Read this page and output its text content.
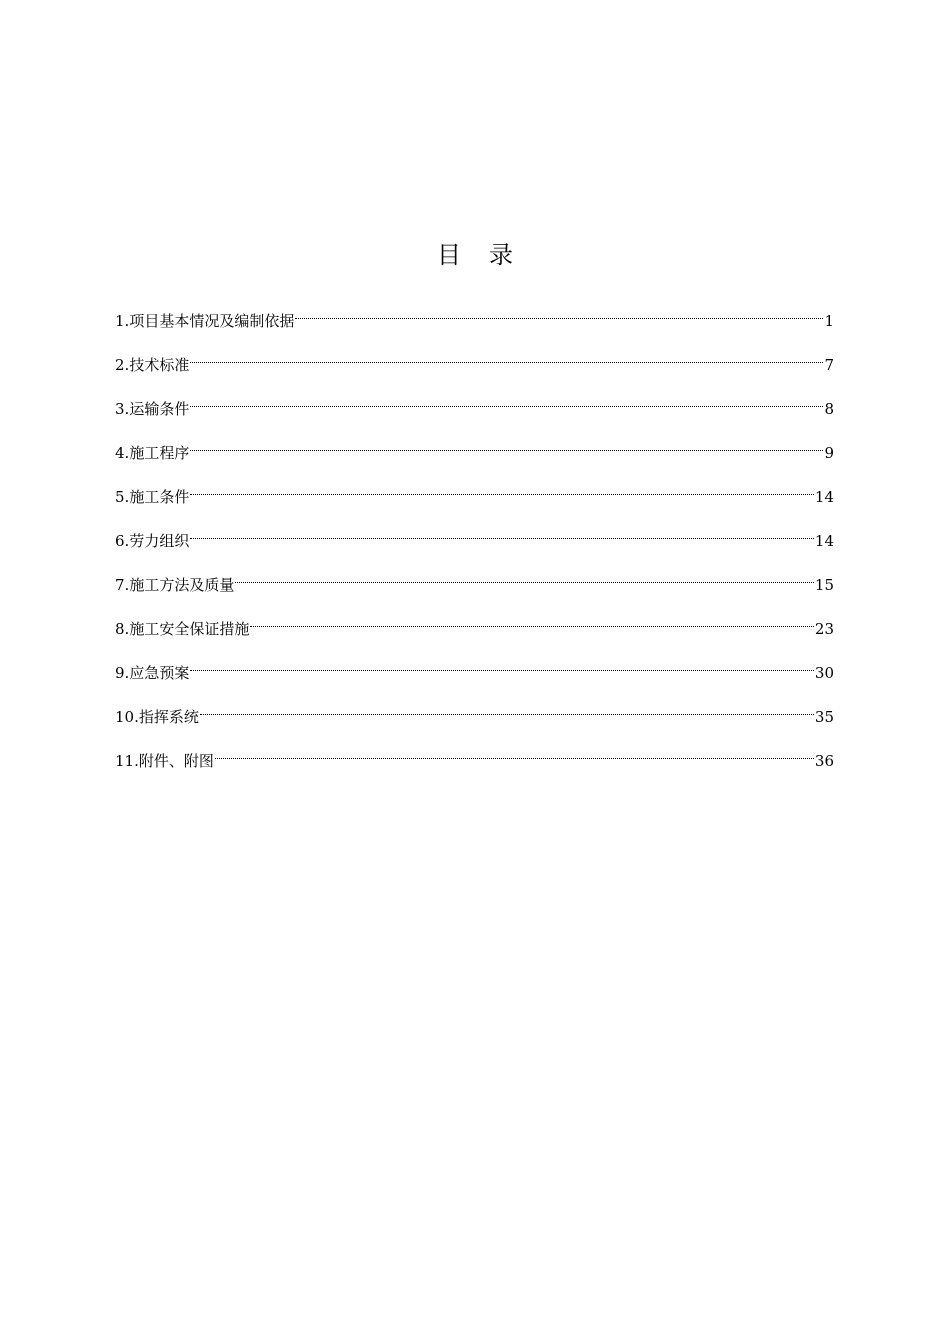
目 录
1. 项目基本情况及编制依据	1
2. 技术标准	7
3. 运输条件	8
4. 施工程序	9
5. 施工条件	14
6. 劳力组织	14
7. 施工方法及质量	15
8. 施工安全保证措施	23
9. 应急预案	30
10. 指挥系统	35
11. 附件、附图	36
